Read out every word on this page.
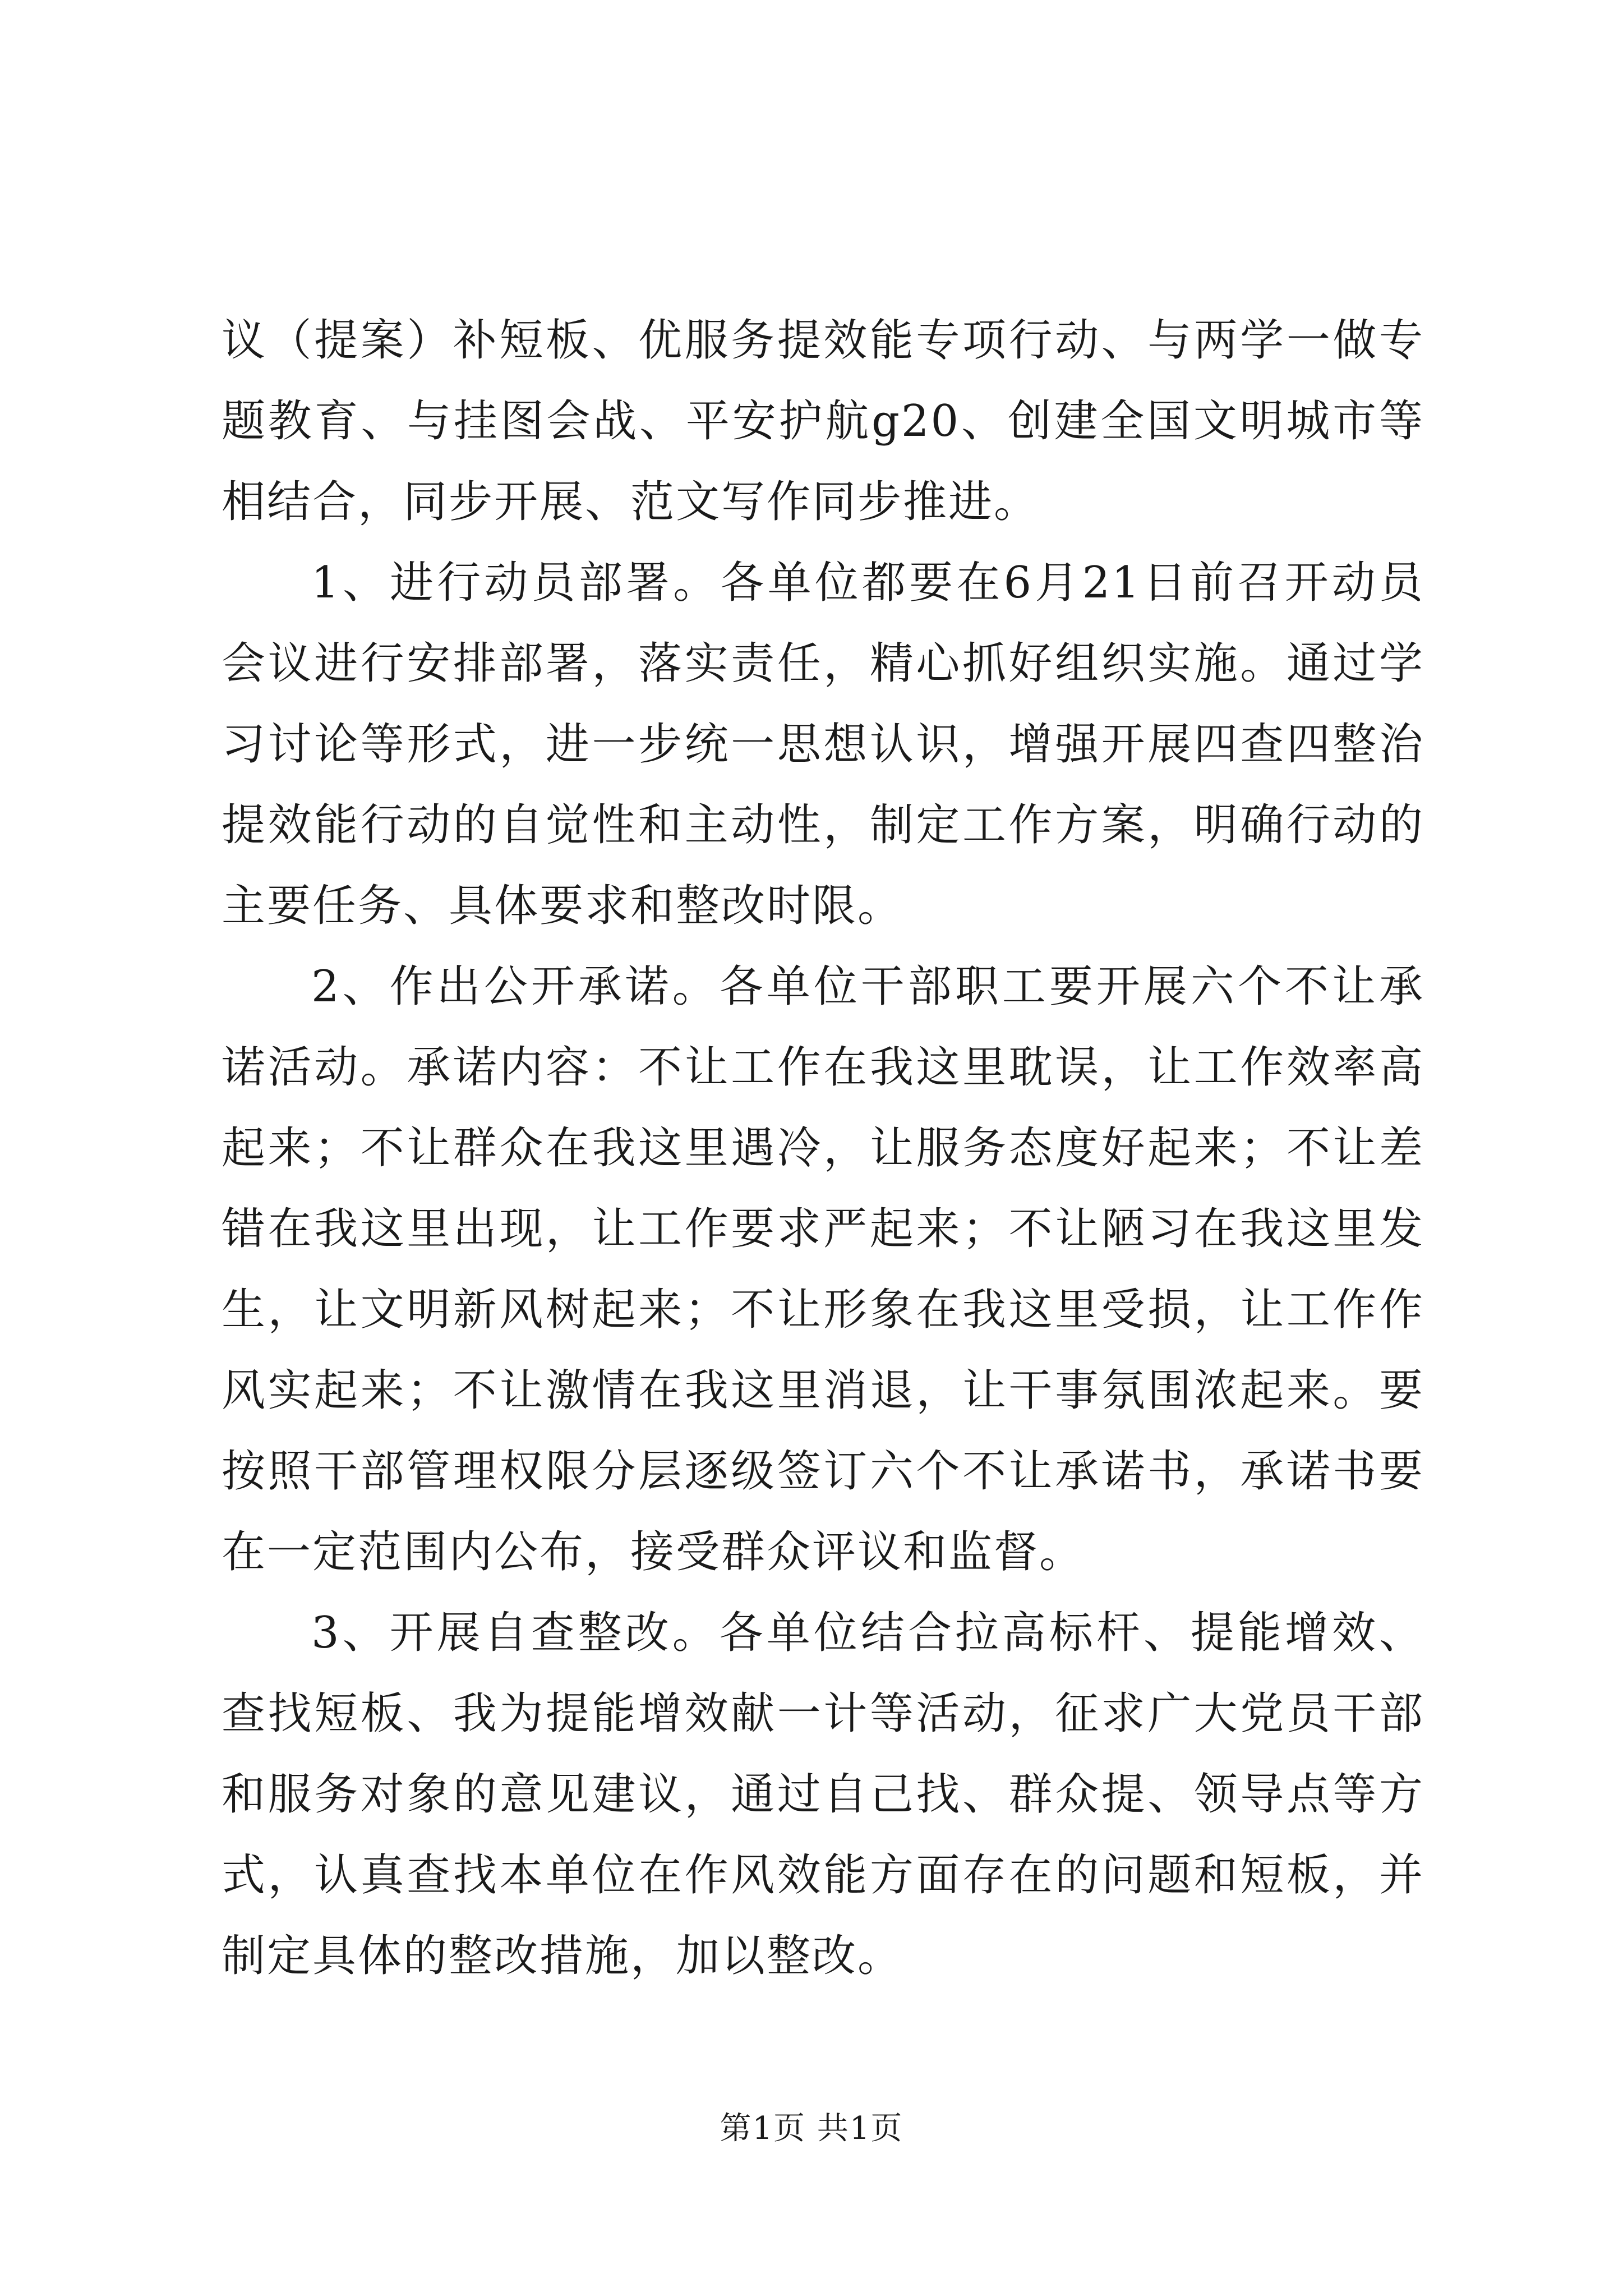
议（提案）补短板、优服务提效能专项行动、与两学一做专题教育、与挂图会战、平安护航g20、创建全国文明城市等相结合，同步开展、范文写作同步推进。

1、进行动员部署。各单位都要在6月21日前召开动员会议进行安排部署，落实责任，精心抓好组织实施。通过学习讨论等形式，进一步统一思想认识，增强开展四查四整治提效能行动的自觉性和主动性，制定工作方案，明确行动的主要任务、具体要求和整改时限。

2、作出公开承诺。各单位干部职工要开展六个不让承诺活动。承诺内容：不让工作在我这里耽误，让工作效率高起来；不让群众在我这里遇冷，让服务态度好起来；不让差错在我这里出现，让工作要求严起来；不让陋习在我这里发生，让文明新风树起来；不让形象在我这里受损，让工作作风实起来；不让激情在我这里消退，让干事氛围浓起来。要按照干部管理权限分层逐级签订六个不让承诺书，承诺书要在一定范围内公布，接受群众评议和监督。

3、开展自查整改。各单位结合拉高标杆、提能增效、查找短板、我为提能增效献一计等活动，征求广大党员干部和服务对象的意见建议，通过自己找、群众提、领导点等方式，认真查找本单位在作风效能方面存在的问题和短板，并制定具体的整改措施，加以整改。

第1页 共1页
